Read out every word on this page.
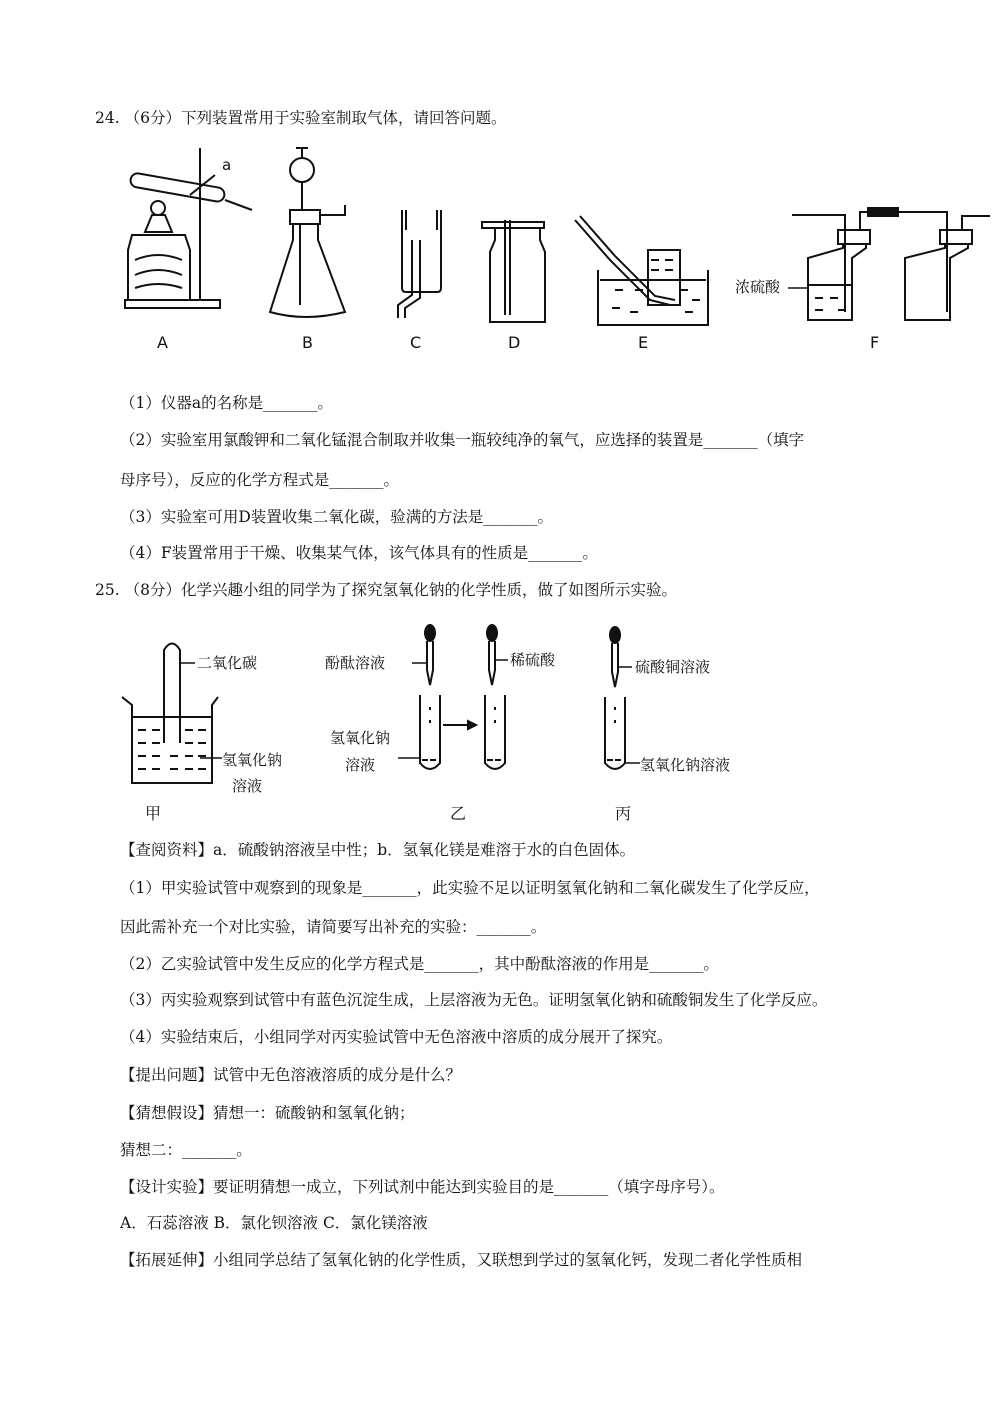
24. （6分）下列装置常用于实验室制取气体，请回答问题。
a
浓硫酸
A	B	C	D	E	F
（1）仪器a的名称是_______。
（2）实验室用氯酸钾和二氧化锰混合制取并收集一瓶较纯净的氧气，应选择的装置是_______（填字
母序号），反应的化学方程式是_______。
（3）实验室可用D装置收集二氧化碳，验满的方法是_______。
（4）F装置常用于干燥、收集某气体，该气体具有的性质是_______。
25. （8分）化学兴趣小组的同学为了探究氢氧化钠的化学性质，做了如图所示实验。
二氧化碳
氢氧化钠
溶液
酚酞溶液	稀硫酸
氢氧化钠
溶液
硫酸铜溶液
氢氧化钠溶液
甲	乙	丙
【查阅资料】a．硫酸钠溶液呈中性；b．氢氧化镁是难溶于水的白色固体。
（1）甲实验试管中观察到的现象是_______，此实验不足以证明氢氧化钠和二氧化碳发生了化学反应，
因此需补充一个对比实验，请简要写出补充的实验：_______。
（2）乙实验试管中发生反应的化学方程式是_______，其中酚酞溶液的作用是_______。
（3）丙实验观察到试管中有蓝色沉淀生成，上层溶液为无色。证明氢氧化钠和硫酸铜发生了化学反应。
（4）实验结束后，小组同学对丙实验试管中无色溶液中溶质的成分展开了探究。
【提出问题】试管中无色溶液溶质的成分是什么？
【猜想假设】猜想一：硫酸钠和氢氧化钠；
猜想二：_______。
【设计实验】要证明猜想一成立，下列试剂中能达到实验目的是_______（填字母序号）。
A．石蕊溶液 B．氯化钡溶液 C．氯化镁溶液
【拓展延伸】小组同学总结了氢氧化钠的化学性质，又联想到学过的氢氧化钙，发现二者化学性质相
